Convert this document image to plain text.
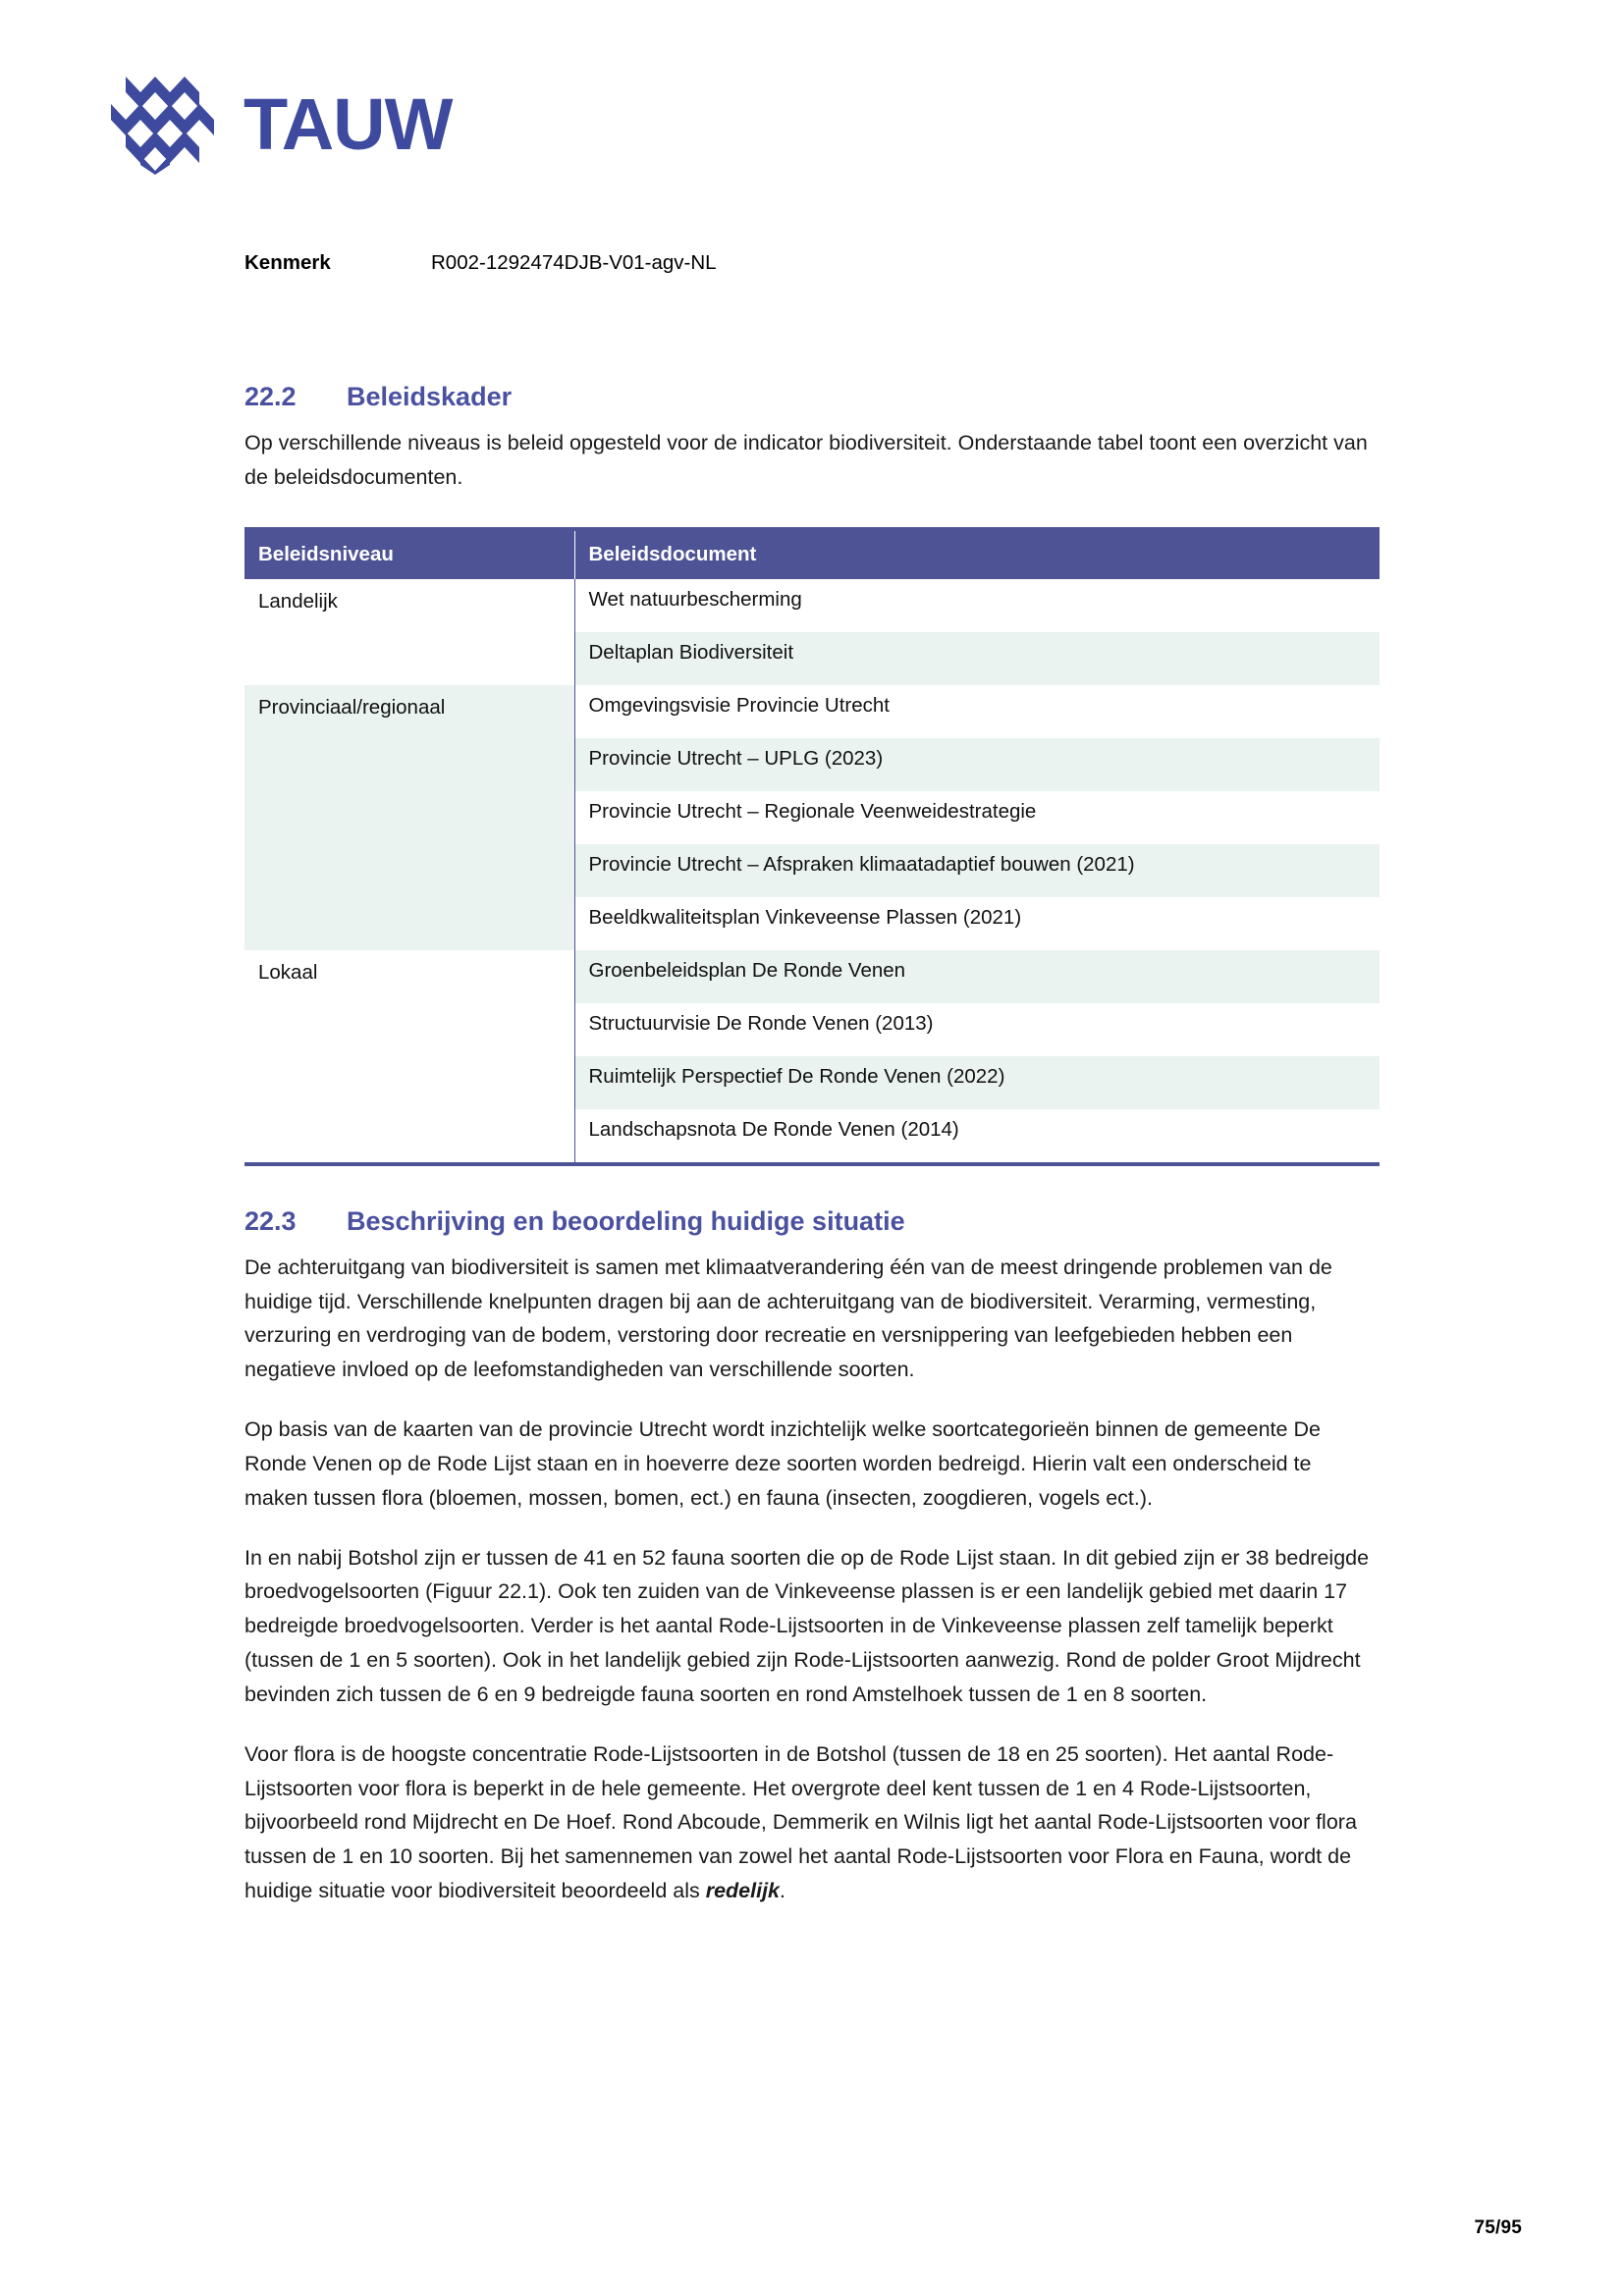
TAUW
Kenmerk	R002-1292474DJB-V01-agv-NL
22.2	Beleidskader

Op verschillende niveaus is beleid opgesteld voor de indicator biodiversiteit. Onderstaande tabel toont een overzicht van de beleidsdocumenten.

Beleidsniveau	Beleidsdocument
Landelijk	Wet natuurbescherming
	Deltaplan Biodiversiteit
Provinciaal/regionaal	Omgevingsvisie Provincie Utrecht
	Provincie Utrecht – UPLG (2023)
	Provincie Utrecht – Regionale Veenweidestrategie
	Provincie Utrecht – Afspraken klimaatadaptief bouwen (2021)
	Beeldkwaliteitsplan Vinkeveense Plassen (2021)
Lokaal	Groenbeleidsplan De Ronde Venen
	Structuurvisie De Ronde Venen (2013)
	Ruimtelijk Perspectief De Ronde Venen (2022)
	Landschapsnota De Ronde Venen (2014)
22.3	Beschrijving en beoordeling huidige situatie

De achteruitgang van biodiversiteit is samen met klimaatverandering één van de meest dringende problemen van de huidige tijd. Verschillende knelpunten dragen bij aan de achteruitgang van de biodiversiteit. Verarming, vermesting, verzuring en verdroging van de bodem, verstoring door recreatie en versnippering van leefgebieden hebben een negatieve invloed op de leefomstandigheden van verschillende soorten.

Op basis van de kaarten van de provincie Utrecht wordt inzichtelijk welke soortcategorieën binnen de gemeente De Ronde Venen op de Rode Lijst staan en in hoeverre deze soorten worden bedreigd. Hierin valt een onderscheid te maken tussen flora (bloemen, mossen, bomen, ect.) en fauna (insecten, zoogdieren, vogels ect.).

In en nabij Botshol zijn er tussen de 41 en 52 fauna soorten die op de Rode Lijst staan. In dit gebied zijn er 38 bedreigde broedvogelsoorten (Figuur 22.1). Ook ten zuiden van de Vinkeveense plassen is er een landelijk gebied met daarin 17 bedreigde broedvogelsoorten. Verder is het aantal Rode-Lijstsoorten in de Vinkeveense plassen zelf tamelijk beperkt (tussen de 1 en 5 soorten). Ook in het landelijk gebied zijn Rode-Lijstsoorten aanwezig. Rond de polder Groot Mijdrecht bevinden zich tussen de 6 en 9 bedreigde fauna soorten en rond Amstelhoek tussen de 1 en 8 soorten.

Voor flora is de hoogste concentratie Rode-Lijstsoorten in de Botshol (tussen de 18 en 25 soorten). Het aantal Rode-Lijstsoorten voor flora is beperkt in de hele gemeente. Het overgrote deel kent tussen de 1 en 4 Rode-Lijstsoorten, bijvoorbeeld rond Mijdrecht en De Hoef. Rond Abcoude, Demmerik en Wilnis ligt het aantal Rode-Lijstsoorten voor flora tussen de 1 en 10 soorten. Bij het samennemen van zowel het aantal Rode-Lijstsoorten voor Flora en Fauna, wordt de huidige situatie voor biodiversiteit beoordeeld als redelijk.

75/95
